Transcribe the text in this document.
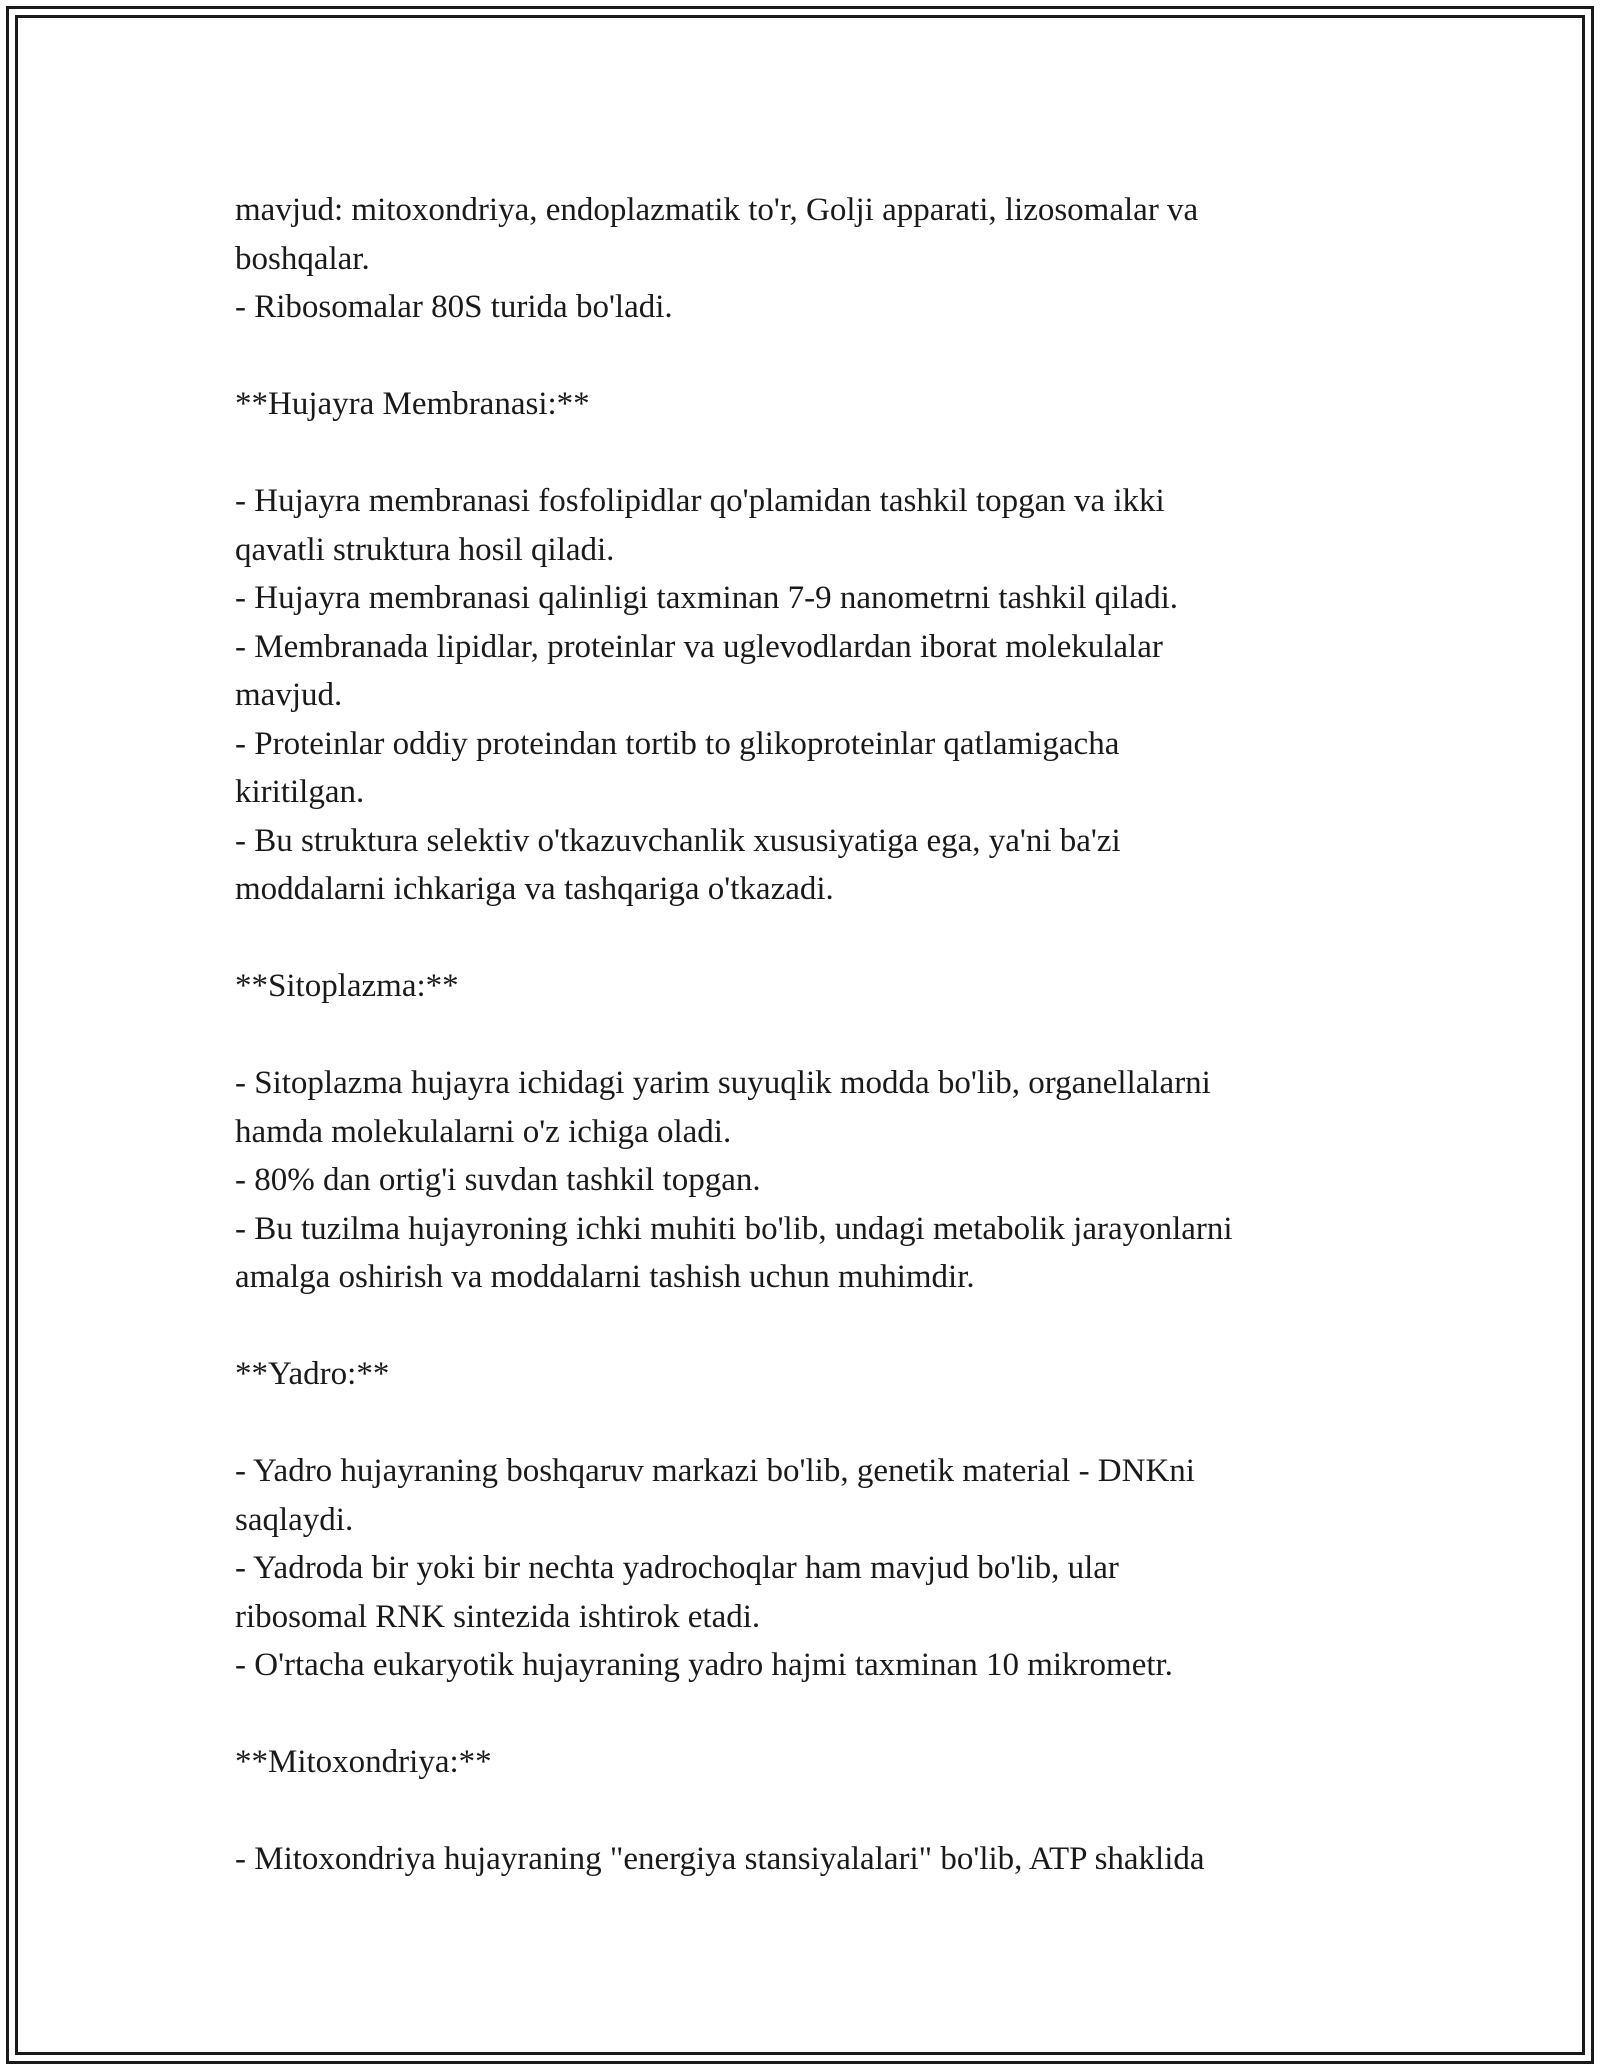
mavjud: mitoxondriya, endoplazmatik to'r, Golji apparati, lizosomalar va
boshqalar.
- Ribosomalar 80S turida bo'ladi.
**Hujayra Membranasi:**
- Hujayra membranasi fosfolipidlar qo'plamidan tashkil topgan va ikki
qavatli struktura hosil qiladi.
- Hujayra membranasi qalinligi taxminan 7-9 nanometrni tashkil qiladi.
- Membranada lipidlar, proteinlar va uglevodlardan iborat molekulalar
mavjud.
- Proteinlar oddiy proteindan tortib to glikoproteinlar qatlamigacha
kiritilgan.
- Bu struktura selektiv o'tkazuvchanlik xususiyatiga ega, ya'ni ba'zi
moddalarni ichkariga va tashqariga o'tkazadi.
**Sitoplazma:**
- Sitoplazma hujayra ichidagi yarim suyuqlik modda bo'lib, organellalarni
hamda molekulalarni o'z ichiga oladi.
- 80% dan ortig'i suvdan tashkil topgan.
- Bu tuzilma hujayroning ichki muhiti bo'lib, undagi metabolik jarayonlarni
amalga oshirish va moddalarni tashish uchun muhimdir.
**Yadro:**
- Yadro hujayraning boshqaruv markazi bo'lib, genetik material - DNKni
saqlaydi.
- Yadroda bir yoki bir nechta yadrochoqlar ham mavjud bo'lib, ular
ribosomal RNK sintezida ishtirok etadi.
- O'rtacha eukaryotik hujayraning yadro hajmi taxminan 10 mikrometr.
**Mitoxondriya:**
- Mitoxondriya hujayraning "energiya stansiyalalari" bo'lib, ATP shaklida
